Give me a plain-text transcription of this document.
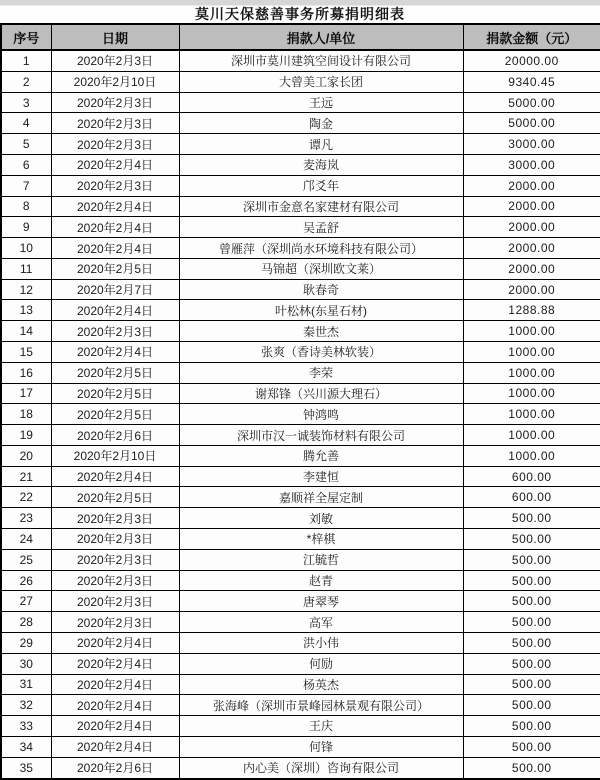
莫川天保慈善事务所募捐明细表
序号	日期	捐款人/单位	捐款金额（元）
1	2020年2月3日	深圳市莫川建筑空间设计有限公司	20000.00
2	2020年2月10日	大曾美工家长团	9340.45
3	2020年2月3日	王远	5000.00
4	2020年2月3日	陶金	5000.00
5	2020年2月3日	谭凡	3000.00
6	2020年2月4日	麦海岚	3000.00
7	2020年2月3日	邝爻年	2000.00
8	2020年2月4日	深圳市金意名家建材有限公司	2000.00
9	2020年2月4日	吴孟舒	2000.00
10	2020年2月4日	曾雁萍（深圳尚水环境科技有限公司）	2000.00
11	2020年2月5日	马锦超（深圳欧文莱）	2000.00
12	2020年2月7日	耿春奇	2000.00
13	2020年2月4日	叶松林(东星石材)	1288.88
14	2020年2月3日	秦世杰	1000.00
15	2020年2月4日	张爽（香诗美林软装）	1000.00
16	2020年2月5日	李荣	1000.00
17	2020年2月5日	谢郑锋（兴川源大理石）	1000.00
18	2020年2月5日	钟鸿鸣	1000.00
19	2020年2月6日	深圳市汉一诚装饰材料有限公司	1000.00
20	2020年2月10日	腾允善	1000.00
21	2020年2月4日	李建恒	600.00
22	2020年2月5日	嘉顺祥全屋定制	600.00
23	2020年2月3日	刘敏	500.00
24	2020年2月3日	*梓棋	500.00
25	2020年2月3日	江毓哲	500.00
26	2020年2月3日	赵青	500.00
27	2020年2月3日	唐翠琴	500.00
28	2020年2月3日	高军	500.00
29	2020年2月4日	洪小伟	500.00
30	2020年2月4日	何励	500.00
31	2020年2月4日	杨英杰	500.00
32	2020年2月4日	张海峰（深圳市景峰园林景观有限公司）	500.00
33	2020年2月4日	王庆	500.00
34	2020年2月4日	何锋	500.00
35	2020年2月6日	内心美（深圳）咨询有限公司	500.00
